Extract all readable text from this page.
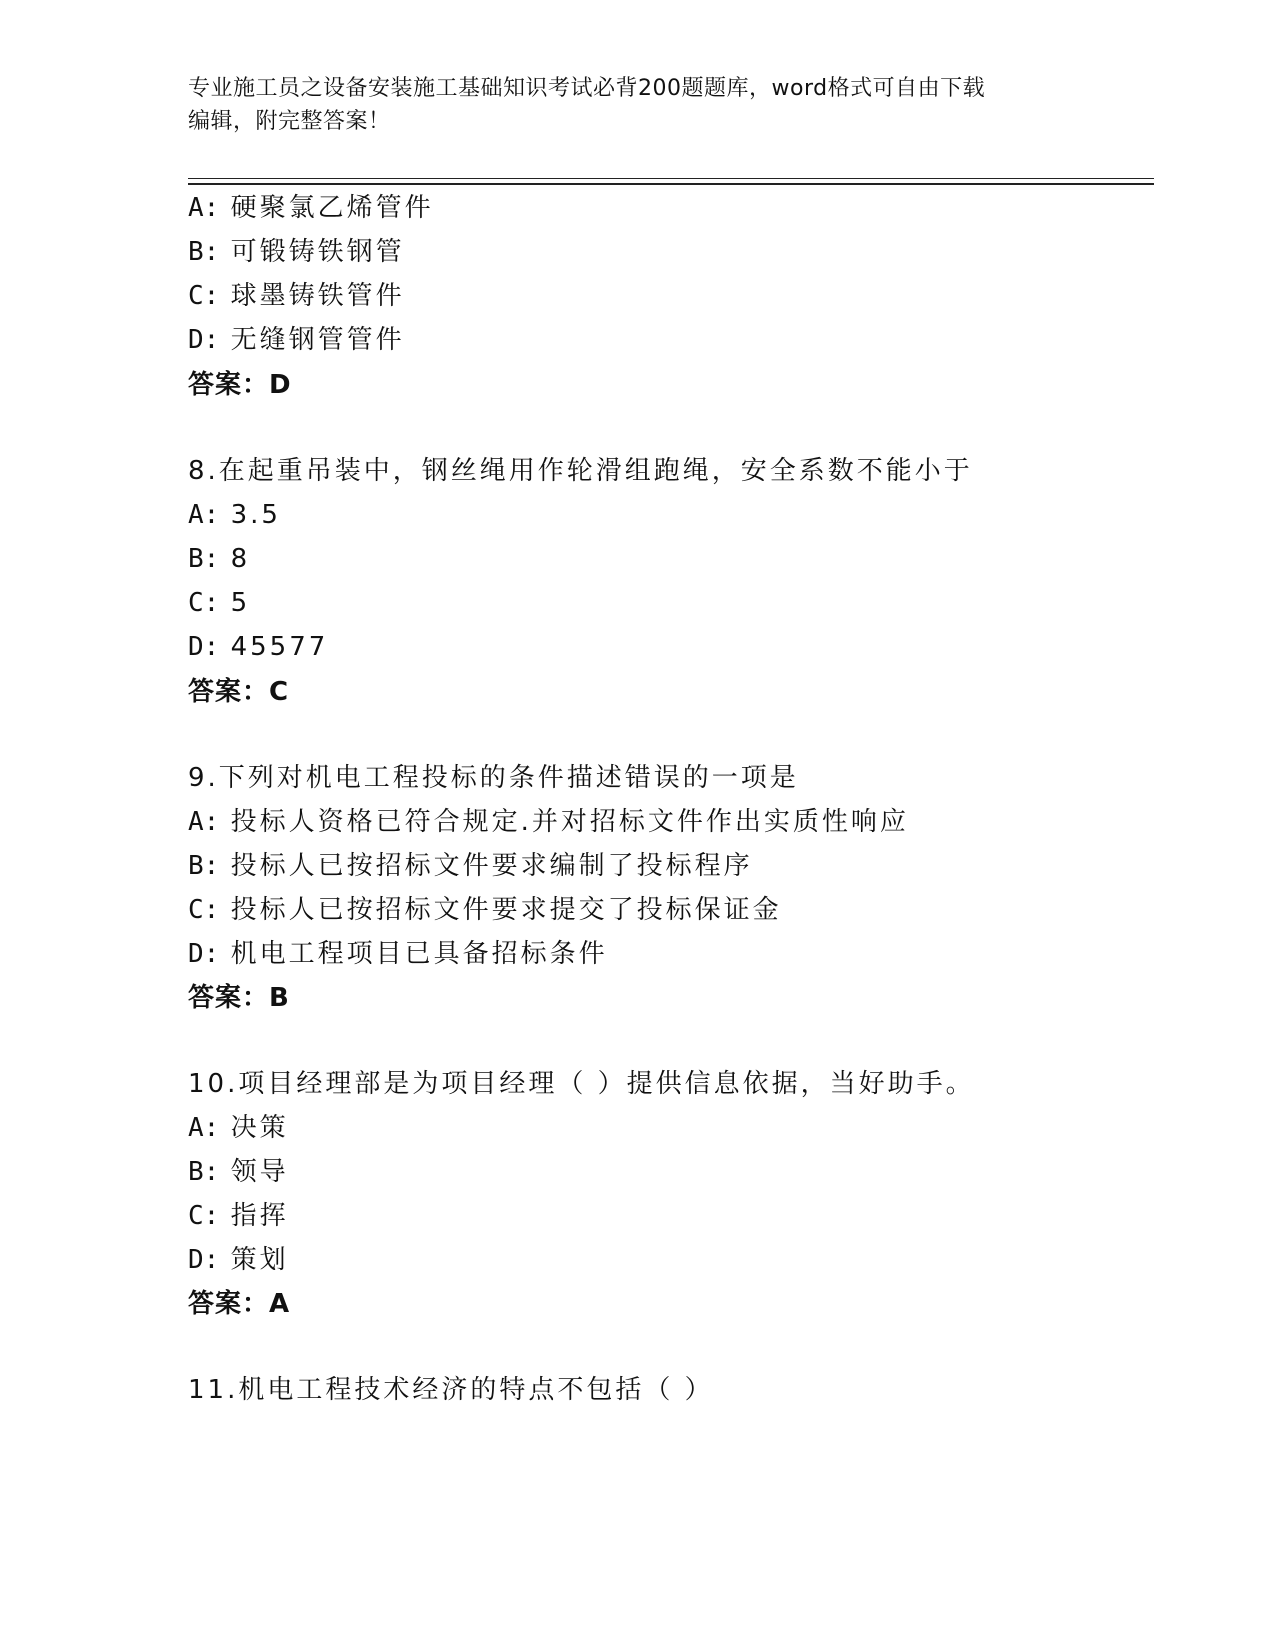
专业施工员之设备安装施工基础知识考试必背200题题库，word格式可自由下载
编辑，附完整答案！
A: 硬聚氯乙烯管件
B: 可锻铸铁钢管
C: 球墨铸铁管件
D: 无缝钢管管件
答案：D
8.在起重吊装中，钢丝绳用作轮滑组跑绳，安全系数不能小于
A: 3.5
B: 8
C: 5
D: 45577
答案：C
9.下列对机电工程投标的条件描述错误的一项是
A: 投标人资格已符合规定.并对招标文件作出实质性响应
B: 投标人已按招标文件要求编制了投标程序
C: 投标人已按招标文件要求提交了投标保证金
D: 机电工程项目已具备招标条件
答案：B
10.项目经理部是为项目经理（ ）提供信息依据，当好助手。
A: 决策
B: 领导
C: 指挥
D: 策划
答案：A
11.机电工程技术经济的特点不包括（ ）
